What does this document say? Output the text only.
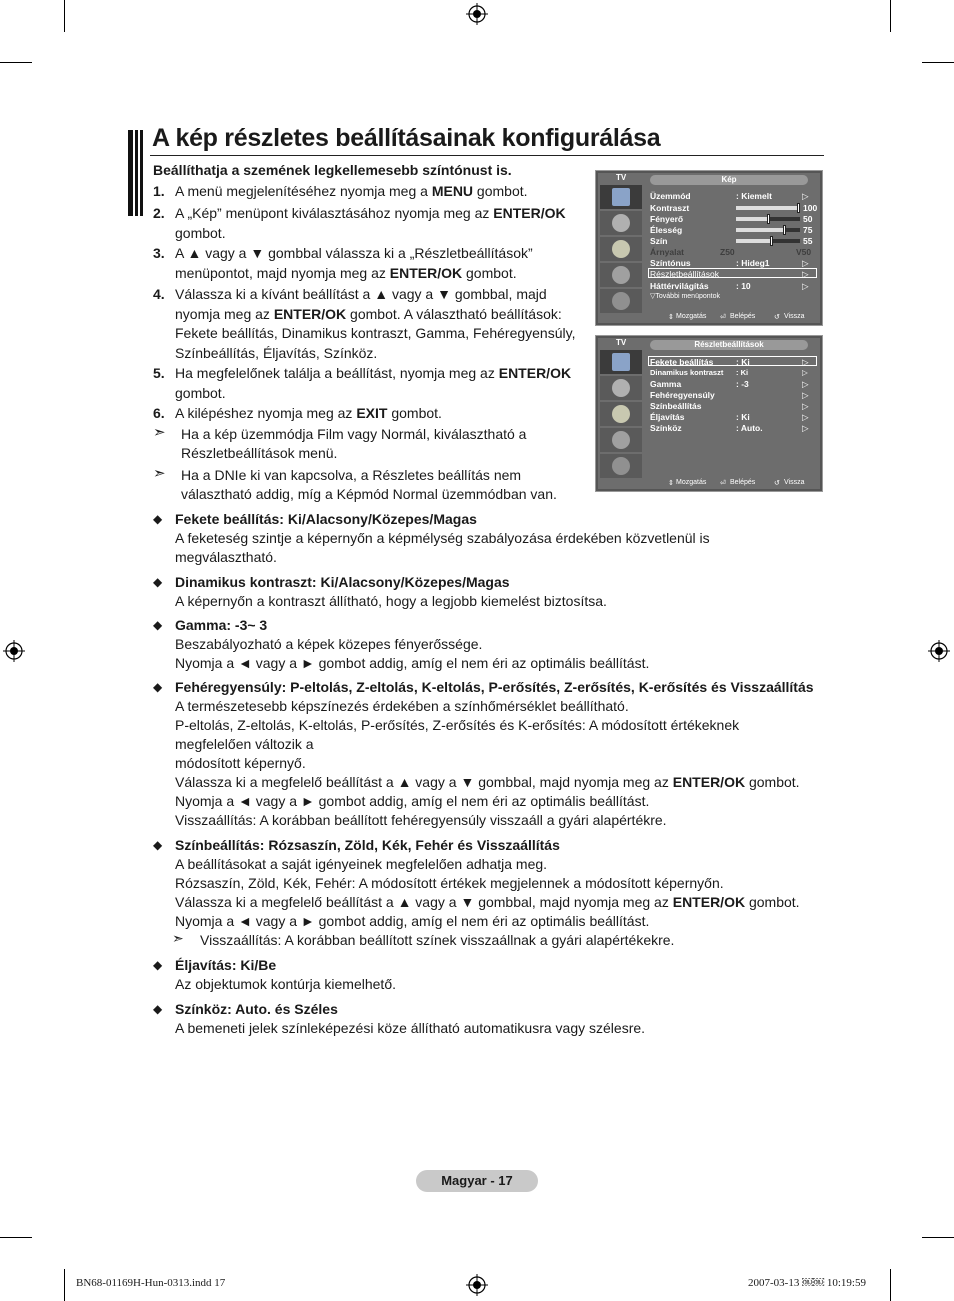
A kép részletes beállításainak konfigurálása
Beállíthatja a szemének legkellemesebb színtónust is.
1. A menü megjelenítéséhez nyomja meg a MENU gombot.
2. A „Kép” menüpont kiválasztásához nyomja meg az ENTER/OK gombot.
3. A ▲ vagy a ▼ gombbal válassza ki a „Részletbeállítások” menüpontot, majd nyomja meg az ENTER/OK gombot.
4. Válassza ki a kívánt beállítást a ▲ vagy a ▼ gombbal, majd nyomja meg az ENTER/OK gombot. A választható beállítások: Fekete beállítás, Dinamikus kontraszt, Gamma, Fehéregyensúly, Színbeállítás, Éljavítás, Színköz.
5. Ha megfelelőnek találja a beállítást, nyomja meg az ENTER/OK gombot.
6. A kilépéshez nyomja meg az EXIT gombot.
➣ Ha a kép üzemmódja Film vagy Normál, kiválasztható a Részletbeállítások menü.
➣ Ha a DNIe ki van kapcsolva, a Részletes beállítás nem választható addig, míg a Képmód Normal üzemmódban van.
TV	Kép
Üzemmód	: Kiemelt	▷
Kontraszt	100
Fényerő	50
Élesség	75
Szín	55
Árnyalat	Z50	V50
Színtónus	: Hideg1	▷
Részletbeállítások	▷
Háttérvilágítás	: 10	▷
▽További menüpontok
⇕ Mozgatás ⏎ Belépés	↺ Vissza
TV	Részletbeállítások
Fekete beállítás	: Ki	▷
Dinamikus kontraszt : Ki	▷
Gamma	: -3	▷
Fehéregyensúly	▷
Színbeállítás	▷
Éljavítás	: Ki	▷
Színköz	: Auto.	▷
⇕ Mozgatás ⏎ Belépés	↺ Vissza
◆ Fekete beállítás: Ki/Alacsony/Közepes/Magas
A feketeség szintje a képernyőn a képmélység szabályozása érdekében közvetlenül is megválasztható.
◆ Dinamikus kontraszt: Ki/Alacsony/Közepes/Magas
A képernyőn a kontraszt állítható, hogy a legjobb kiemelést biztosítsa.
◆ Gamma: -3~ 3
Beszabályozható a képek közepes fényerőssége.
Nyomja a ◄ vagy a ► gombot addig, amíg el nem éri az optimális beállítást.
◆ Fehéregyensúly: P-eltolás, Z-eltolás, K-eltolás, P-erősítés, Z-erősítés, K-erősítés és Visszaállítás
A természetesebb képszínezés érdekében a színhőmérséklet beállítható.
P-eltolás, Z-eltolás, K-eltolás, P-erősítés, Z-erősítés és K-erősítés: A módosított értékeknek megfelelően változik a
módosított képernyő.
Válassza ki a megfelelő beállítást a ▲ vagy a ▼ gombbal, majd nyomja meg az ENTER/OK gombot.
Nyomja a ◄ vagy a ► gombot addig, amíg el nem éri az optimális beállítást.
Visszaállítás: A korábban beállított fehéregyensúly visszaáll a gyári alapértékre.
◆ Színbeállítás: Rózsaszín, Zöld, Kék, Fehér és Visszaállítás
A beállításokat a saját igényeinek megfelelően adhatja meg.
Rózsaszín, Zöld, Kék, Fehér: A módosított értékek megjelennek a módosított képernyőn.
Válassza ki a megfelelő beállítást a ▲ vagy a ▼ gombbal, majd nyomja meg az ENTER/OK gombot.
Nyomja a ◄ vagy a ► gombot addig, amíg el nem éri az optimális beállítást.
➣ Visszaállítás: A korábban beállított színek visszaállnak a gyári alapértékekre.
◆ Éljavítás: Ki/Be
Az objektumok kontúrja kiemelhető.
◆ Színköz: Auto. és Széles
A bemeneti jelek színleképezési köze állítható automatikusra vagy szélesre.
Magyar - 17
BN68-01169H-Hun-0313.indd 17	2007-03-13 ￼￼ 10:19:59
